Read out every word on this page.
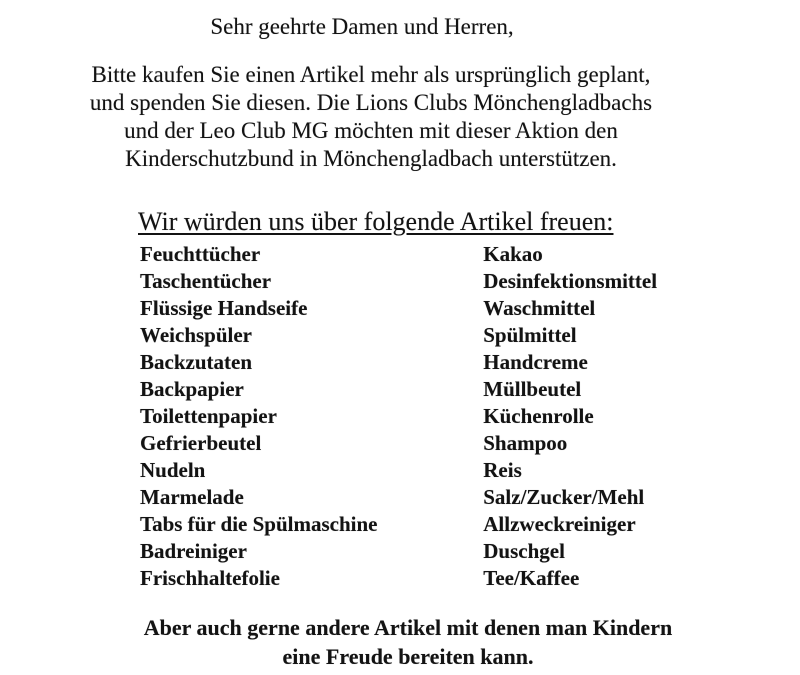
Sehr geehrte Damen und Herren,
Bitte kaufen Sie einen Artikel mehr als ursprünglich geplant,
und spenden Sie diesen. Die Lions Clubs Mönchengladbachs
und der Leo Club MG möchten mit dieser Aktion den
Kinderschutzbund in Mönchengladbach unterstützen.
Wir würden uns über folgende Artikel freuen:
Feuchttücher	Kakao
Taschentücher	Desinfektionsmittel
Flüssige Handseife	Waschmittel
Weichspüler	Spülmittel
Backzutaten	Handcreme
Backpapier	Müllbeutel
Toilettenpapier	Küchenrolle
Gefrierbeutel	Shampoo
Nudeln	Reis
Marmelade	Salz/Zucker/Mehl
Tabs für die Spülmaschine	Allzweckreiniger
Badreiniger	Duschgel
Frischhaltefolie	Tee/Kaffee
Aber auch gerne andere Artikel mit denen man Kindern
eine Freude bereiten kann.
